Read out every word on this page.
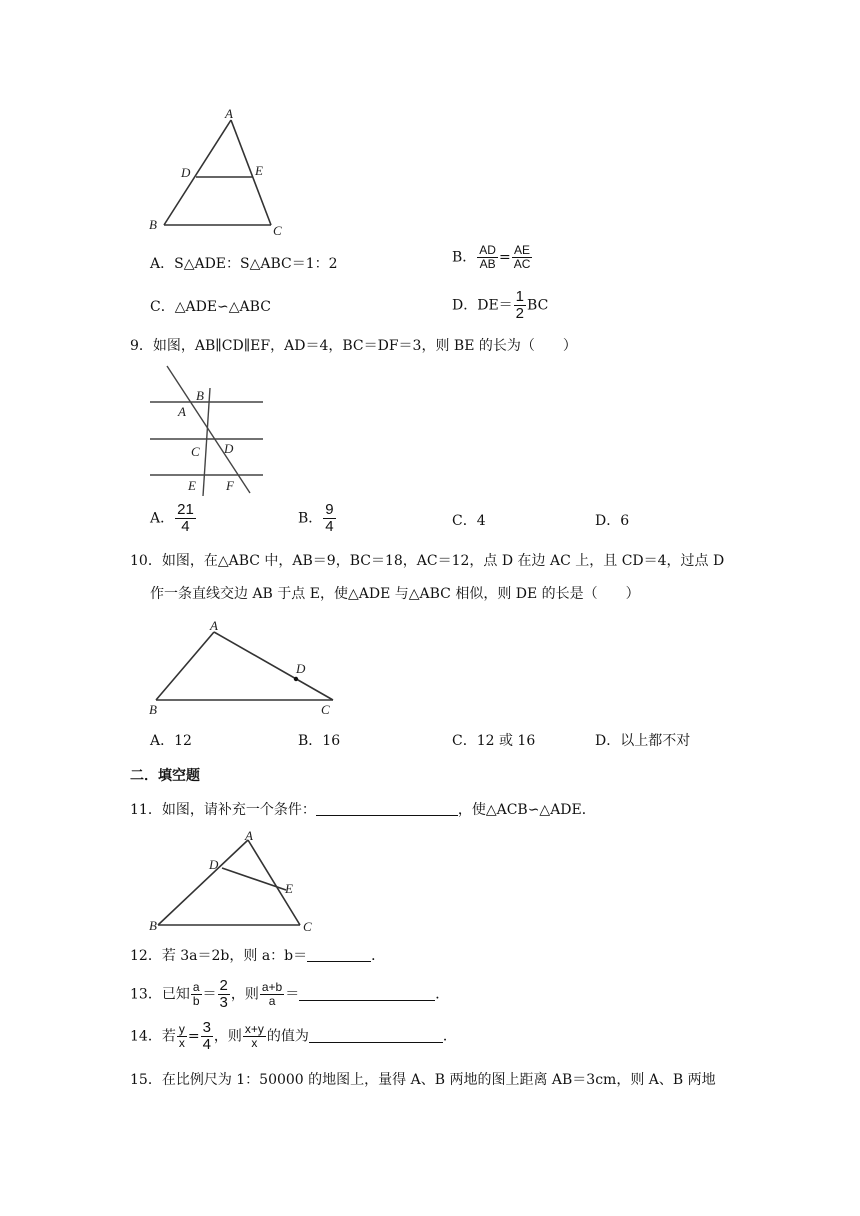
A
D	E
B	C
A．S△ADE：S△ABC＝1：2	B． $\frac{AD}{AB} = \frac{AE}{AC}$
C．△ADE∽△ABC	D．$DE= \frac{1}{2}$ BC
9．如图，AB∥CD∥EF，AD＝4，BC＝DF＝3，则 BE 的长为（　　）
B
A
C D
E F
A． $\frac{21}{4}$	B． $\frac{9}{4}$	C．4	D．6
10．如图，在△ABC 中，AB＝9，BC＝18，AC＝12，点 D 在边 AC 上，且 CD＝4，过点 D
作一条直线交边 AB 于点 E，使△ADE 与△ABC 相似，则 DE 的长是（　　）
A
D
B	C
A．12	B．16	C．12 或 16	D．以上都不对
二．填空题
11．如图，请补充一个条件：	，使△ACB∽△ADE．
A
D
E
B	C
12．若 3a＝2b，则 a：b＝	．
13．已知 $\frac{a}{b} = \frac{2}{3}$ ，则 $\frac{a+b}{a}$ ＝	．
14．若 $\frac{y}{x} = \frac{3}{4}$ ，则 $\frac{x+y}{x}$ 的值为	．
15．在比例尺为 1：50000 的地图上，量得 A、B 两地的图上距离 AB＝3cm，则 A、B 两地
